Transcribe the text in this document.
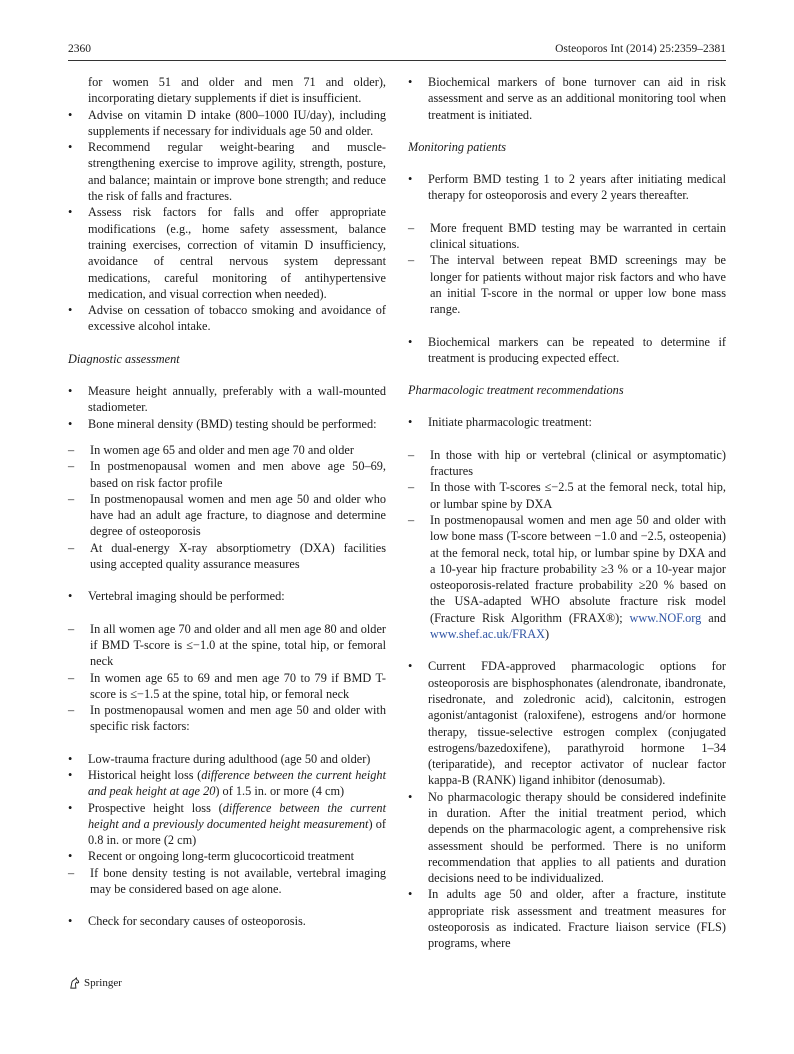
2360	Osteoporos Int (2014) 25:2359–2381
for women 51 and older and men 71 and older), incorporating dietary supplements if diet is insufficient.
•	Advise on vitamin D intake (800–1000 IU/day), including supplements if necessary for individuals age 50 and older.
•	Recommend regular weight-bearing and muscle-strengthening exercise to improve agility, strength, posture, and balance; maintain or improve bone strength; and reduce the risk of falls and fractures.
•	Assess risk factors for falls and offer appropriate modifications (e.g., home safety assessment, balance training exercises, correction of vitamin D insufficiency, avoidance of central nervous system depressant medications, careful monitoring of antihypertensive medication, and visual correction when needed).
•	Advise on cessation of tobacco smoking and avoidance of excessive alcohol intake.

Diagnostic assessment

•	Measure height annually, preferably with a wall-mounted stadiometer.
•	Bone mineral density (BMD) testing should be performed:
–	In women age 65 and older and men age 70 and older
–	In postmenopausal women and men above age 50–69, based on risk factor profile
–	In postmenopausal women and men age 50 and older who have had an adult age fracture, to diagnose and determine degree of osteoporosis
–	At dual-energy X-ray absorptiometry (DXA) facilities using accepted quality assurance measures
•	Vertebral imaging should be performed:
–	In all women age 70 and older and all men age 80 and older if BMD T-score is ≤−1.0 at the spine, total hip, or femoral neck
–	In women age 65 to 69 and men age 70 to 79 if BMD T-score is ≤−1.5 at the spine, total hip, or femoral neck
–	In postmenopausal women and men age 50 and older with specific risk factors:
•	Low-trauma fracture during adulthood (age 50 and older)
•	Historical height loss (difference between the current height and peak height at age 20) of 1.5 in. or more (4 cm)
•	Prospective height loss (difference between the current height and a previously documented height measurement) of 0.8 in. or more (2 cm)
•	Recent or ongoing long-term glucocorticoid treatment
–	If bone density testing is not available, vertebral imaging may be considered based on age alone.
•	Check for secondary causes of osteoporosis.
•	Biochemical markers of bone turnover can aid in risk assessment and serve as an additional monitoring tool when treatment is initiated.

Monitoring patients

•	Perform BMD testing 1 to 2 years after initiating medical therapy for osteoporosis and every 2 years thereafter.
–	More frequent BMD testing may be warranted in certain clinical situations.
–	The interval between repeat BMD screenings may be longer for patients without major risk factors and who have an initial T-score in the normal or upper low bone mass range.
•	Biochemical markers can be repeated to determine if treatment is producing expected effect.

Pharmacologic treatment recommendations

•	Initiate pharmacologic treatment:
–	In those with hip or vertebral (clinical or asymptomatic) fractures
–	In those with T-scores ≤−2.5 at the femoral neck, total hip, or lumbar spine by DXA
–	In postmenopausal women and men age 50 and older with low bone mass (T-score between −1.0 and −2.5, osteopenia) at the femoral neck, total hip, or lumbar spine by DXA and a 10-year hip fracture probability ≥3 % or a 10-year major osteoporosis-related fracture probability ≥20 % based on the USA-adapted WHO absolute fracture risk model (Fracture Risk Algorithm (FRAX®); www.NOF.org and www.shef.ac.uk/FRAX)
•	Current FDA-approved pharmacologic options for osteoporosis are bisphosphonates (alendronate, ibandronate, risedronate, and zoledronic acid), calcitonin, estrogen agonist/antagonist (raloxifene), estrogens and/or hormone therapy, tissue-selective estrogen complex (conjugated estrogens/bazedoxifene), parathyroid hormone 1–34 (teriparatide), and receptor activator of nuclear factor kappa-B (RANK) ligand inhibitor (denosumab).
•	No pharmacologic therapy should be considered indefinite in duration. After the initial treatment period, which depends on the pharmacologic agent, a comprehensive risk assessment should be performed. There is no uniform recommendation that applies to all patients and duration decisions need to be individualized.
•	In adults age 50 and older, after a fracture, institute appropriate risk assessment and treatment measures for osteoporosis as indicated. Fracture liaison service (FLS) programs, where
Springer
